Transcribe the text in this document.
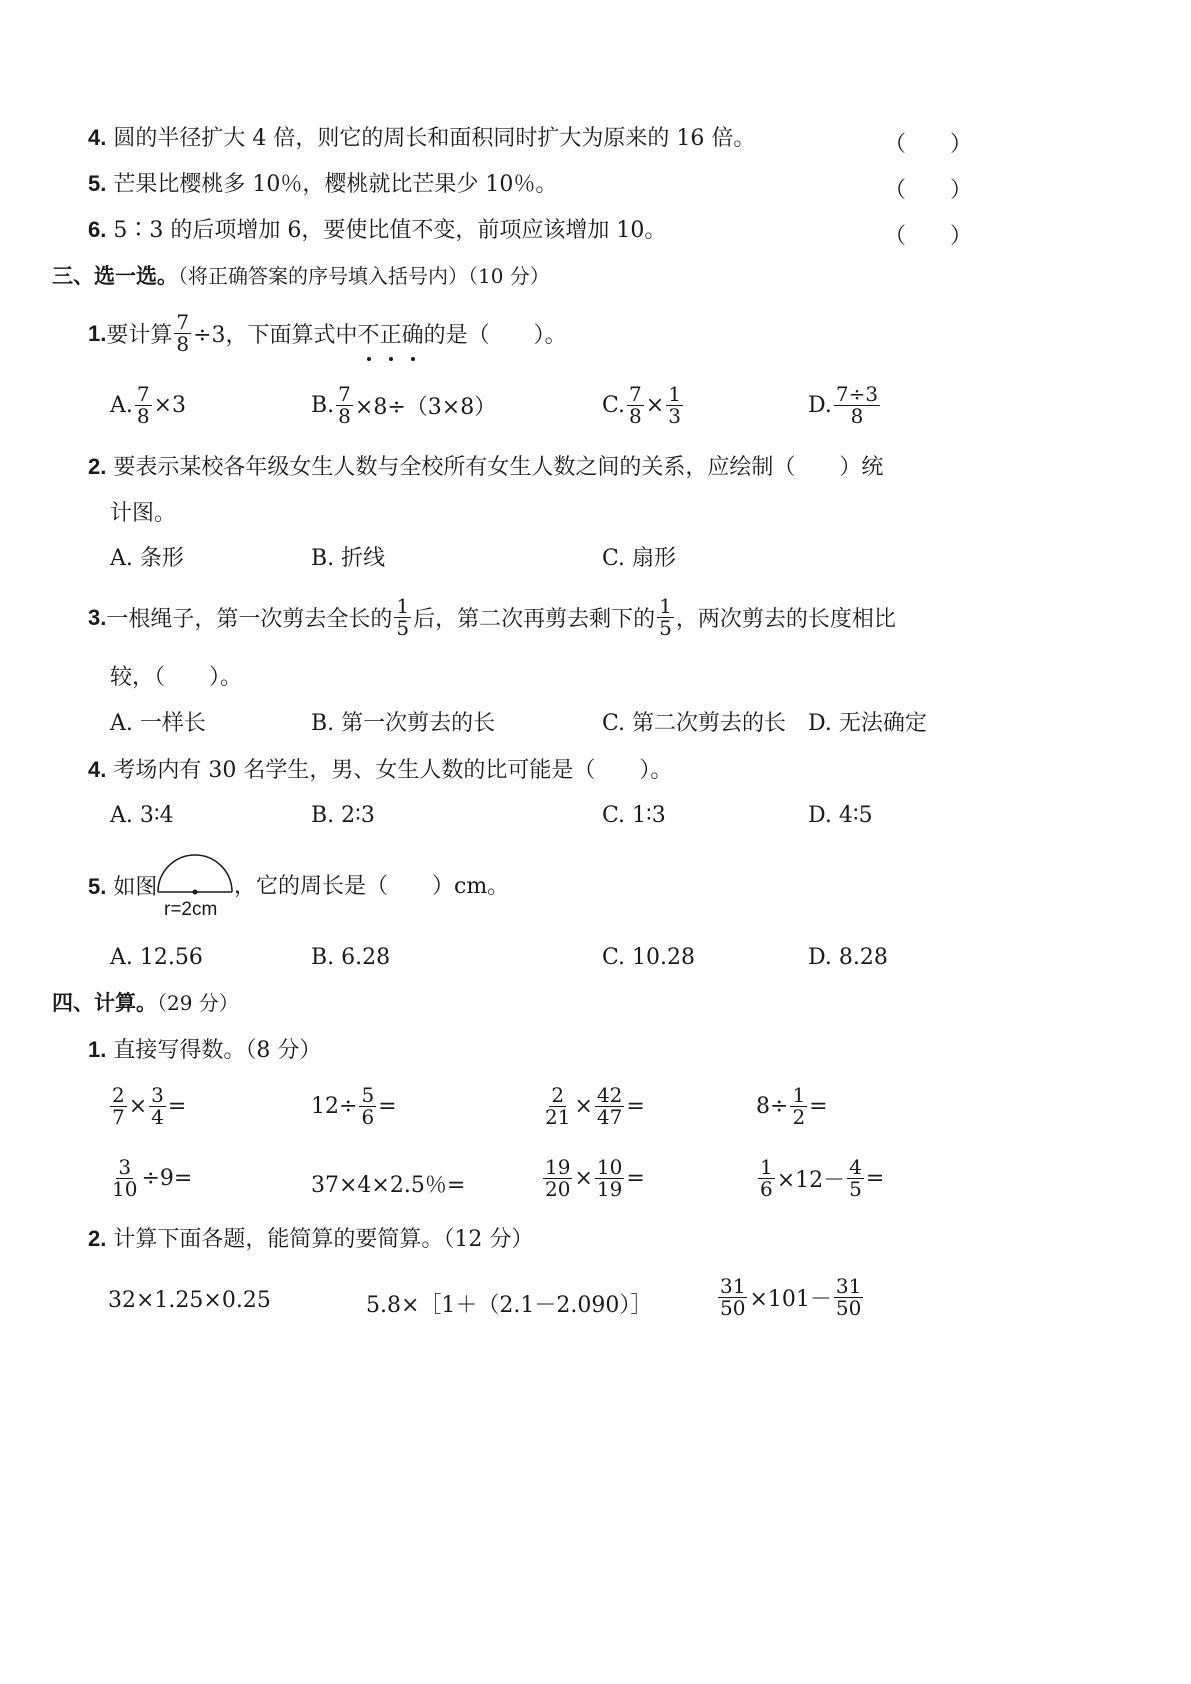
4. 圆的半径扩大 4 倍，则它的周长和面积同时扩大为原来的 16 倍。	（　　）
5. 芒果比樱桃多 10％，樱桃就比芒果少 10％。	（　　）
6. 5∶3 的后项增加 6，要使比值不变，前项应该增加 10。	（　　）
三、选一选。（将正确答案的序号填入括号内）（10 分）
1. 要计算 $\frac{7}{8} \div 3$，下面算式中 不 正 确 的是（　　）。
A. $\frac{7}{8} \times 3$	B. $\frac{7}{8} \times 8\div(3\times 8)$	C. $\frac{7}{8} \times \frac{1}{3}$	D. $\frac{7\div 3}{8}$
2. 要表示某校各年级女生人数与全校所有女生人数之间的关系，应绘制（　　）统
计图。
A. 条形	B. 折线	C. 扇形
3. 一根绳子，第一次剪去全长的 $\frac{1}{5}$ 后，第二次再剪去剩下的 $\frac{1}{5}$ ，两次剪去的长度相比
较，（　　）。
A. 一样长	B. 第一次剪去的长	C. 第二次剪去的长 D. 无法确定
4. 考场内有 30 名学生，男、女生人数的比可能是（　　）。
A. 3∶4	B. 2∶3	C. 1∶3	D. 4∶5
5. 如图
r=2cm
，它的周长是（　　）cm。
A. 12.56	B. 6.28	C. 10.28	D. 8.28
四、计算。（29 分）
1. 直接写得数。（8 分）
$\frac{2}{7} \times \frac{3}{4}$ =	$12\div \frac{5}{6}$ =	$\frac{2}{21} \times \frac{42}{47}$ =	$8\div \frac{1}{2}$ =
$\frac{3}{10} \div 9=$	37×4×2.5％=	$\frac{19}{20} \times \frac{10}{19}$ =	$\frac{1}{6} \times 12- \frac{4}{5}$ =
2. 计算下面各题，能简算的要简算。（12 分）
32×1.25×0.25	5.8×［1＋（2.1－2.090）］	$\frac{31}{50} \times 101- \frac{31}{50}$
